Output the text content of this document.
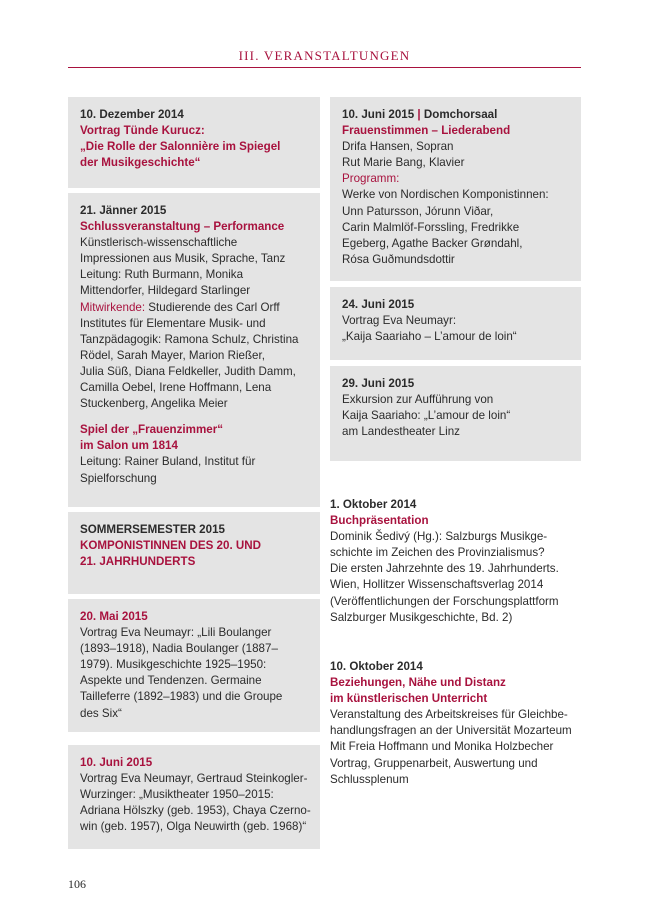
III. VERANSTALTUNGEN
10. Dezember 2014
Vortrag Tünde Kurucz:
„Die Rolle der Salonnière im Spiegel
der Musikgeschichte“
21. Jänner 2015
Schlussveranstaltung – Performance
Künstlerisch-wissenschaftliche
Impressionen aus Musik, Sprache, Tanz
Leitung: Ruth Burmann, Monika
Mittendorfer, Hildegard Starlinger
Mitwirkende: Studierende des Carl Orff
Institutes für Elementare Musik- und
Tanzpädagogik: Ramona Schulz, Christina
Rödel, Sarah Mayer, Marion Rießer,
Julia Süß, Diana Feldkeller, Judith Damm,
Camilla Oebel, Irene Hoffmann, Lena
Stuckenberg, Angelika Meier
Spiel der „Frauenzimmer“
im Salon um 1814
Leitung: Rainer Buland, Institut für
Spielforschung
SOMMERSEMESTER 2015
KOMPONISTINNEN DES 20. UND
21. JAHRHUNDERTS
20. Mai 2015
Vortrag Eva Neumayr: „Lili Boulanger
(1893–1918), Nadia Boulanger (1887–
1979). Musikgeschichte 1925–1950:
Aspekte und Tendenzen. Germaine
Tailleferre (1892–1983) und die Groupe
des Six“
10. Juni 2015
Vortrag Eva Neumayr, Gertraud Steinkogler-
Wurzinger: „Musiktheater 1950–2015:
Adriana Hölszky (geb. 1953), Chaya Czerno-
win (geb. 1957), Olga Neuwirth (geb. 1968)“
10. Juni 2015 | Domchorsaal
Frauenstimmen – Liederabend
Drifa Hansen, Sopran
Rut Marie Bang, Klavier
Programm:
Werke von Nordischen Komponistinnen:
Unn Patursson, Jórunn Viðar,
Carin Malmlöf-Forssling, Fredrikke
Egeberg, Agathe Backer Grøndahl,
Rósa Guðmundsdottir
24. Juni 2015
Vortrag Eva Neumayr:
„Kaija Saariaho – L’amour de loin“
29. Juni 2015
Exkursion zur Aufführung von
Kaija Saariaho: „L’amour de loin“
am Landestheater Linz
1. Oktober 2014
Buchpräsentation
Dominik Šedivý (Hg.): Salzburgs Musikge-
schichte im Zeichen des Provinzialismus?
Die ersten Jahrzehnte des 19. Jahrhunderts.
Wien, Hollitzer Wissenschaftsverlag 2014
(Veröffentlichungen der Forschungsplattform
Salzburger Musikgeschichte, Bd. 2)
10. Oktober 2014
Beziehungen, Nähe und Distanz
im künstlerischen Unterricht
Veranstaltung des Arbeitskreises für Gleichbe-
handlungsfragen an der Universität Mozarteum
Mit Freia Hoffmann und Monika Holzbecher
Vortrag, Gruppenarbeit, Auswertung und
Schlussplenum
106
